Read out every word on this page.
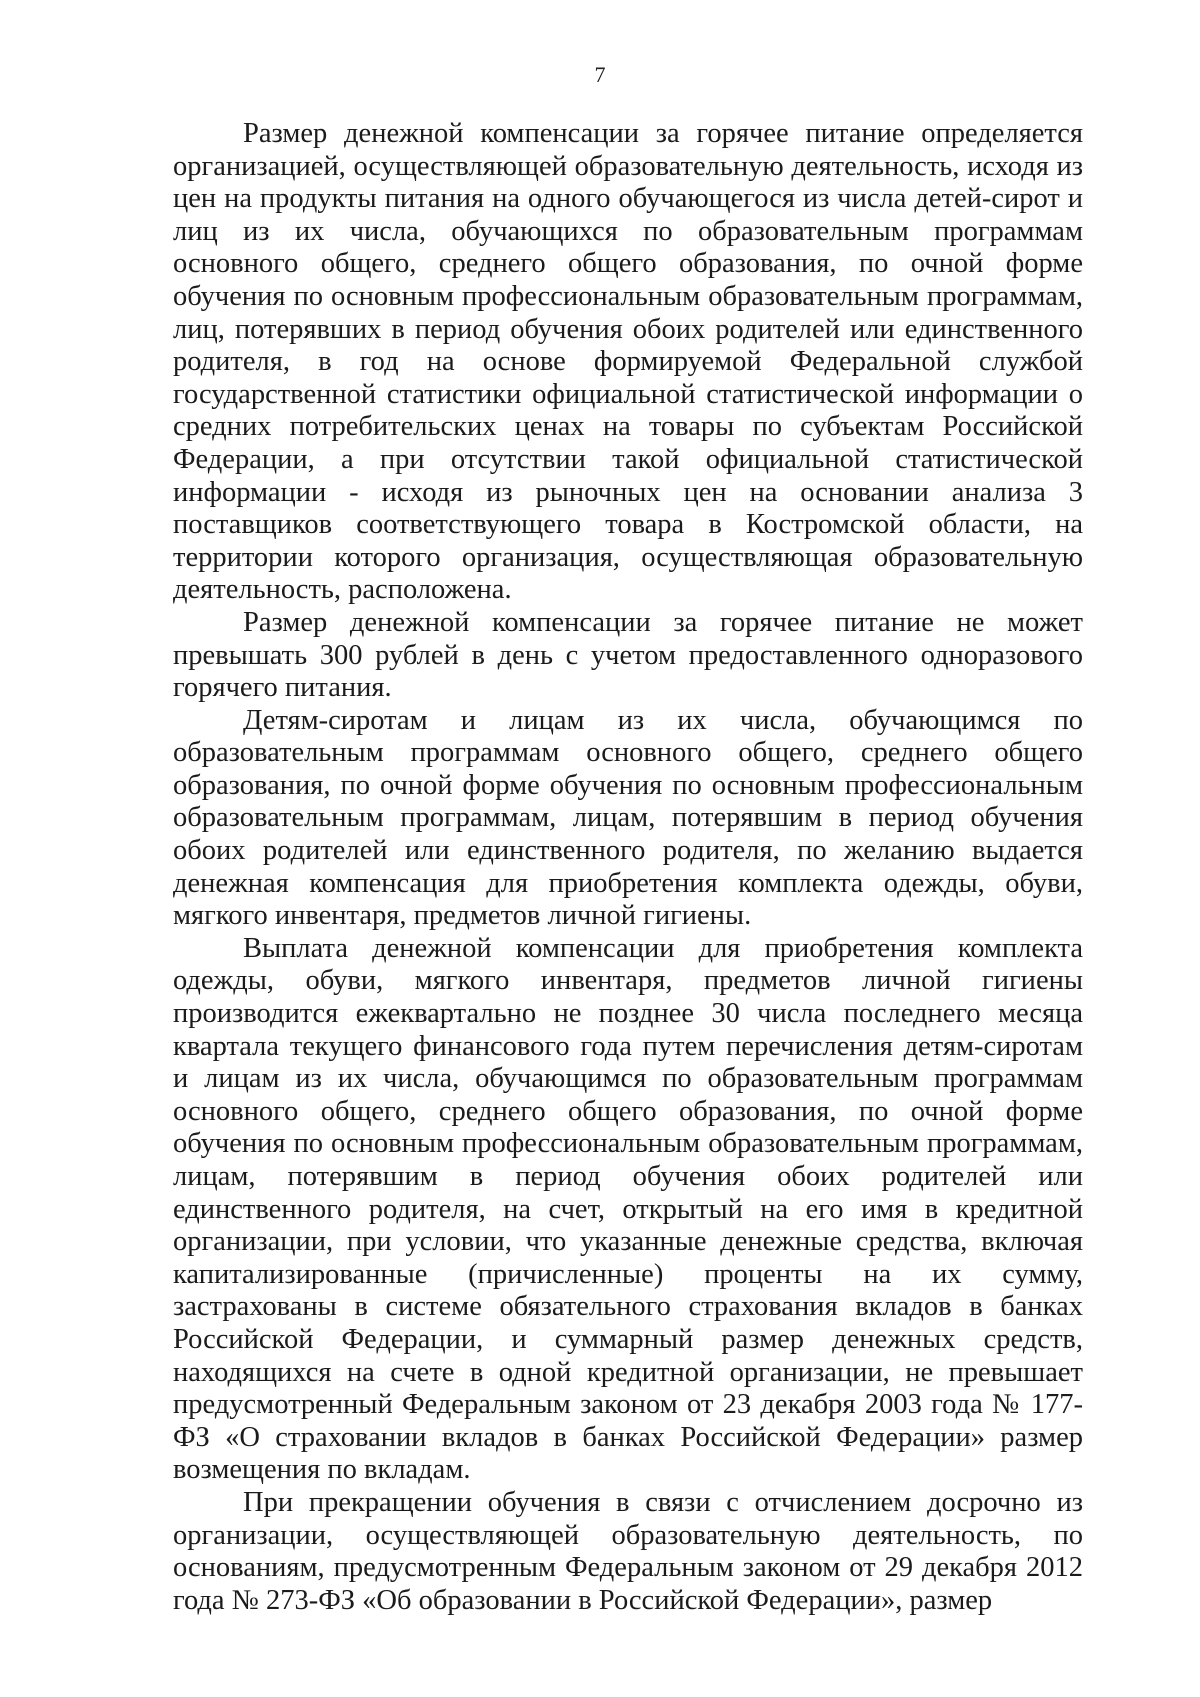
7

Размер денежной компенсации за горячее питание определяется организацией, осуществляющей образовательную деятельность, исходя из цен на продукты питания на одного обучающегося из числа детей-сирот и лиц из их числа, обучающихся по образовательным программам основного общего, среднего общего образования, по очной форме обучения по основным профессиональным образовательным программам, лиц, потерявших в период обучения обоих родителей или единственного родителя, в год на основе формируемой Федеральной службой государственной статистики официальной статистической информации о средних потребительских ценах на товары по субъектам Российской Федерации, а при отсутствии такой официальной статистической информации - исходя из рыночных цен на основании анализа 3 поставщиков соответствующего товара в Костромской области, на территории которого организация, осуществляющая образовательную деятельность, расположена.

Размер денежной компенсации за горячее питание не может превышать 300 рублей в день с учетом предоставленного одноразового горячего питания.

Детям-сиротам и лицам из их числа, обучающимся по образовательным программам основного общего, среднего общего образования, по очной форме обучения по основным профессиональным образовательным программам, лицам, потерявшим в период обучения обоих родителей или единственного родителя, по желанию выдается денежная компенсация для приобретения комплекта одежды, обуви, мягкого инвентаря, предметов личной гигиены.

Выплата денежной компенсации для приобретения комплекта одежды, обуви, мягкого инвентаря, предметов личной гигиены производится ежеквартально не позднее 30 числа последнего месяца квартала текущего финансового года путем перечисления детям-сиротам и лицам из их числа, обучающимся по образовательным программам основного общего, среднего общего образования, по очной форме обучения по основным профессиональным образовательным программам, лицам, потерявшим в период обучения обоих родителей или единственного родителя, на счет, открытый на его имя в кредитной организации, при условии, что указанные денежные средства, включая капитализированные (причисленные) проценты на их сумму, застрахованы в системе обязательного страхования вкладов в банках Российской Федерации, и суммарный размер денежных средств, находящихся на счете в одной кредитной организации, не превышает предусмотренный Федеральным законом от 23 декабря 2003 года № 177-ФЗ «О страховании вкладов в банках Российской Федерации» размер возмещения по вкладам.

При прекращении обучения в связи с отчислением досрочно из организации, осуществляющей образовательную деятельность, по основаниям, предусмотренным Федеральным законом от 29 декабря 2012 года № 273-ФЗ «Об образовании в Российской Федерации», размер
